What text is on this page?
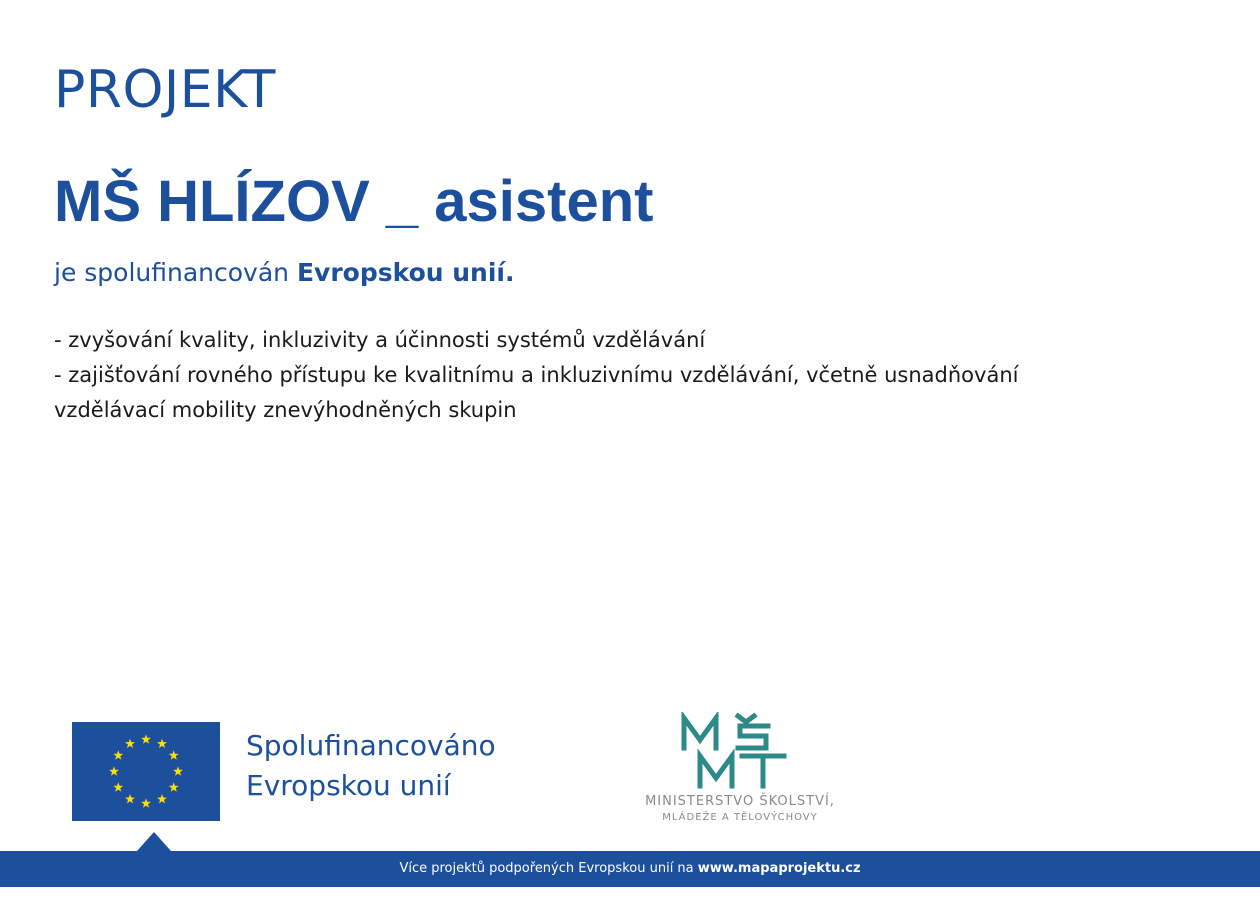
PROJEKT
MŠ HLÍZOV _ asistent
je spolufinancován Evropskou unií.
- zvyšování kvality, inkluzivity a účinnosti systémů vzdělávání
- zajišťování rovného přístupu ke kvalitnímu a inkluzivnímu vzdělávání, včetně usnadňování
vzdělávací mobility znevýhodněných skupin
Spolufinancováno
Evropskou unií	MINISTERSTVO ŠKOLSTVÍ,
MLÁDEŽE A TĚLOVÝCHOVY
Více projektů podpořených Evropskou unií na www.mapaprojektu.cz
